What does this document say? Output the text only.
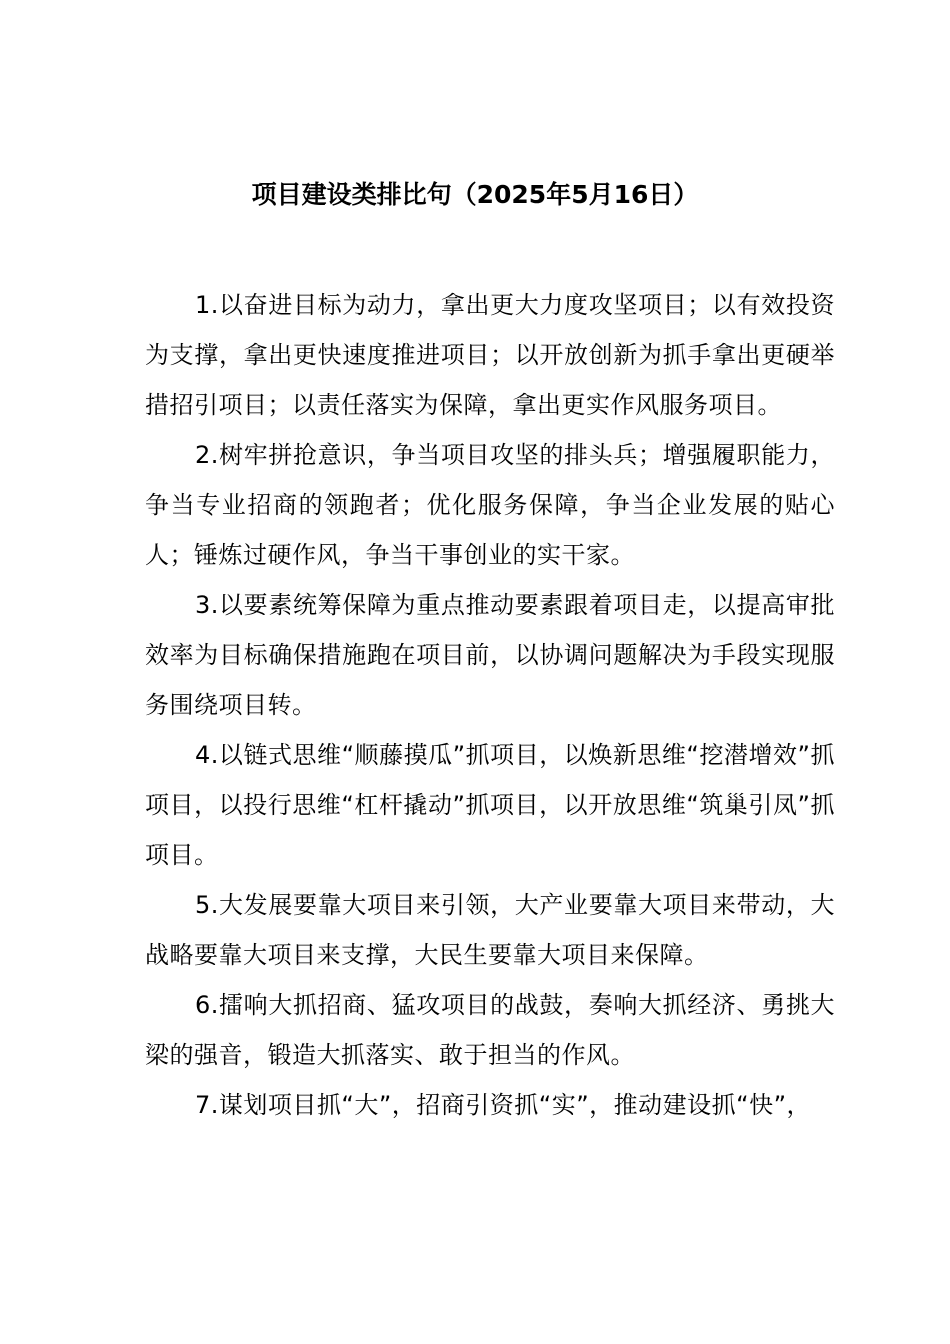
项目建设类排比句（2025年5月16日）

1.以奋进目标为动力，拿出更大力度攻坚项目；以有效投资为支撑，拿出更快速度推进项目；以开放创新为抓手拿出更硬举措招引项目；以责任落实为保障，拿出更实作风服务项目。

2.树牢拼抢意识，争当项目攻坚的排头兵；增强履职能力，争当专业招商的领跑者；优化服务保障，争当企业发展的贴心人；锤炼过硬作风，争当干事创业的实干家。

3.以要素统筹保障为重点推动要素跟着项目走，以提高审批效率为目标确保措施跑在项目前，以协调问题解决为手段实现服务围绕项目转。

4.以链式思维“顺藤摸瓜”抓项目，以焕新思维“挖潜增效”抓项目，以投行思维“杠杆撬动”抓项目，以开放思维“筑巢引凤”抓项目。

5.大发展要靠大项目来引领，大产业要靠大项目来带动，大战略要靠大项目来支撑，大民生要靠大项目来保障。

6.擂响大抓招商、猛攻项目的战鼓，奏响大抓经济、勇挑大梁的强音，锻造大抓落实、敢于担当的作风。

7.谋划项目抓“大”，招商引资抓“实”，推动建设抓“快”，
